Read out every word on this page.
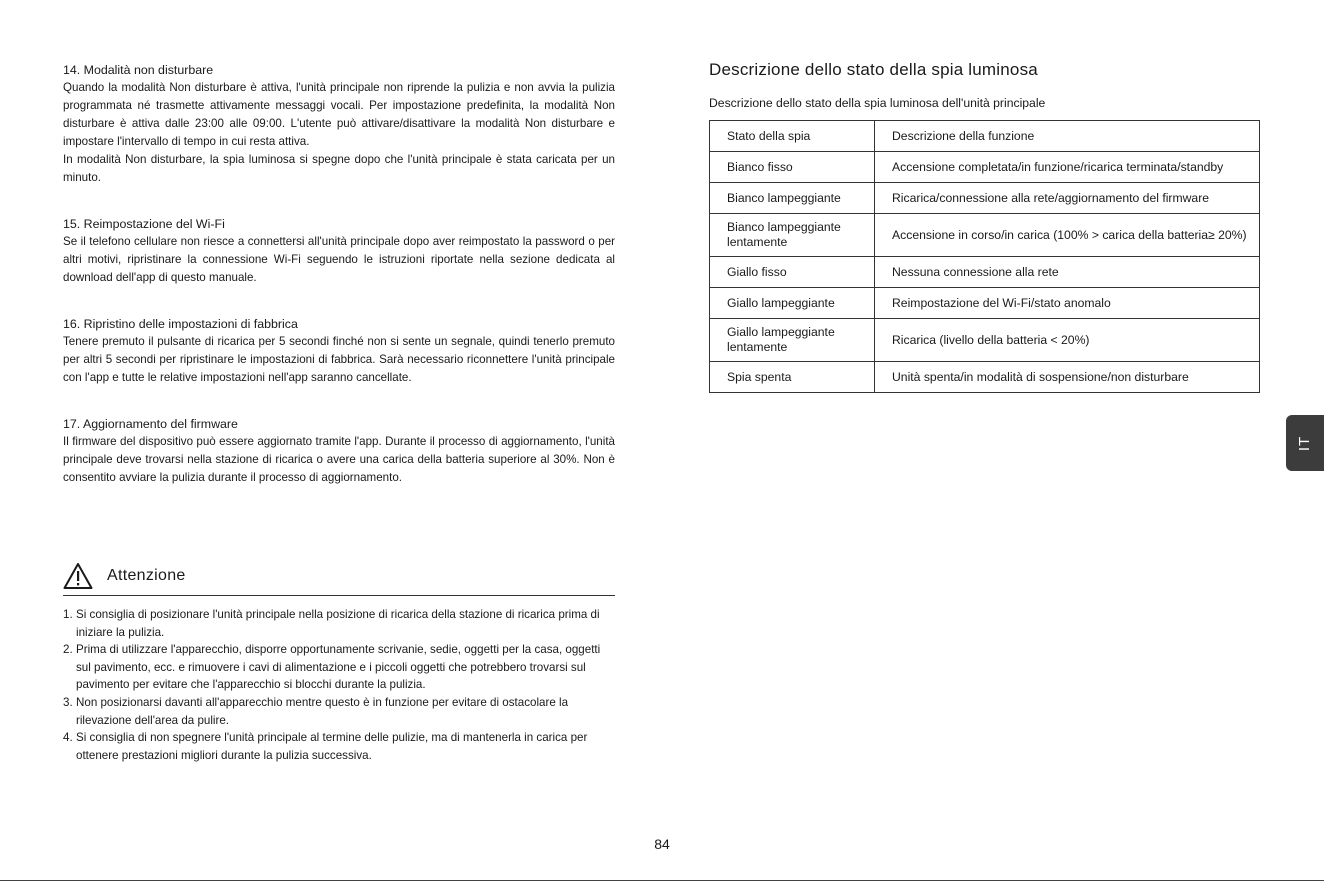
14. Modalità non disturbare

Quando la modalità Non disturbare è attiva, l'unità principale non riprende la pulizia e non avvia la pulizia programmata né trasmette attivamente messaggi vocali. Per impostazione predefinita, la modalità Non disturbare è attiva dalle 23:00 alle 09:00. L'utente può attivare/disattivare la modalità Non disturbare e impostare l'intervallo di tempo in cui resta attiva.

In modalità Non disturbare, la spia luminosa si spegne dopo che l'unità principale è stata caricata per un minuto.

15. Reimpostazione del Wi-Fi

Se il telefono cellulare non riesce a connettersi all'unità principale dopo aver reimpostato la password o per altri motivi, ripristinare la connessione Wi-Fi seguendo le istruzioni riportate nella sezione dedicata al download dell'app di questo manuale.

16. Ripristino delle impostazioni di fabbrica

Tenere premuto il pulsante di ricarica per 5 secondi finché non si sente un segnale, quindi tenerlo premuto per altri 5 secondi per ripristinare le impostazioni di fabbrica. Sarà necessario riconnettere l'unità principale con l'app e tutte le relative impostazioni nell'app saranno cancellate.

17. Aggiornamento del firmware

Il firmware del dispositivo può essere aggiornato tramite l'app. Durante il processo di aggiornamento, l'unità principale deve trovarsi nella stazione di ricarica o avere una carica della batteria superiore al 30%. Non è consentito avviare la pulizia durante il processo di aggiornamento.

Attenzione
1. Si consiglia di posizionare l'unità principale nella posizione di ricarica della stazione di ricarica prima di iniziare la pulizia.
2. Prima di utilizzare l'apparecchio, disporre opportunamente scrivanie, sedie, oggetti per la casa, oggetti sul pavimento, ecc. e rimuovere i cavi di alimentazione e i piccoli oggetti che potrebbero trovarsi sul pavimento per evitare che l'apparecchio si blocchi durante la pulizia.
3. Non posizionarsi davanti all'apparecchio mentre questo è in funzione per evitare di ostacolare la rilevazione dell'area da pulire.
4. Si consiglia di non spegnere l'unità principale al termine delle pulizie, ma di mantenerla in carica per ottenere prestazioni migliori durante la pulizia successiva.
Descrizione dello stato della spia luminosa

Descrizione dello stato della spia luminosa dell'unità principale

Stato della spia	Descrizione della funzione
Bianco fisso	Accensione completata/in funzione/ricarica terminata/standby
Bianco lampeggiante	Ricarica/connessione alla rete/aggiornamento del firmware
Bianco lampeggiante lentamente	Accensione in corso/in carica (100% > carica della batteria≥ 20%)
Giallo fisso	Nessuna connessione alla rete
Giallo lampeggiante	Reimpostazione del Wi-Fi/stato anomalo
Giallo lampeggiante lentamente	Ricarica (livello della batteria < 20%)
Spia spenta	Unità spenta/in modalità di sospensione/non disturbare
IT
84
